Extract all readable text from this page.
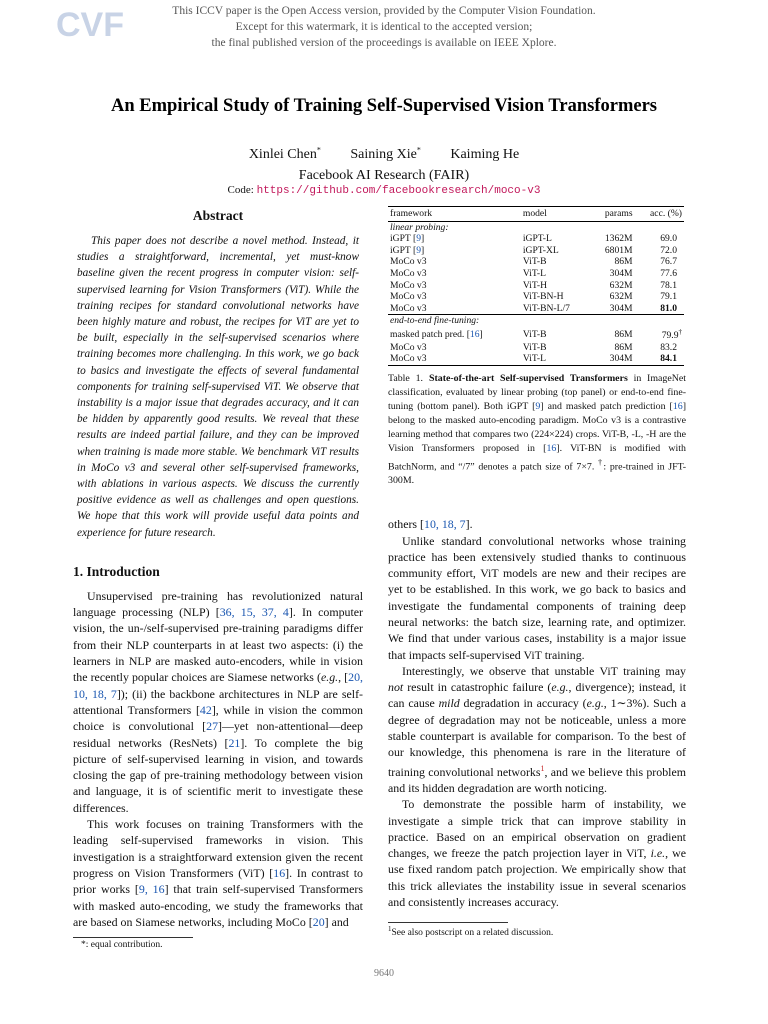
CVF	This ICCV paper is the Open Access version, provided by the Computer Vision Foundation.
Except for this watermark, it is identical to the accepted version;
the final published version of the proceedings is available on IEEE Xplore.
An Empirical Study of Training Self-Supervised Vision Transformers
Xinlei Chen* Saining Xie* Kaiming He
Facebook AI Research (FAIR)
Code: https://github.com/facebookresearch/moco-v3
Abstract

This paper does not describe a novel method. Instead, it studies a straightforward, incremental, yet must-know baseline given the recent progress in computer vision: self-supervised learning for Vision Transformers (ViT). While the training recipes for standard convolutional networks have been highly mature and robust, the recipes for ViT are yet to be built, especially in the self-supervised scenarios where training becomes more challenging. In this work, we go back to basics and investigate the effects of several fundamental components for training self-supervised ViT. We observe that instability is a major issue that degrades accuracy, and it can be hidden by apparently good results. We reveal that these results are indeed partial failure, and they can be improved when training is made more stable. We benchmark ViT results in MoCo v3 and several other self-supervised frameworks, with ablations in various aspects. We discuss the currently positive evidence as well as challenges and open questions. We hope that this work will provide useful data points and experience for future research.

1. Introduction

Unsupervised pre-training has revolutionized natural language processing (NLP) [36, 15, 37, 4]. In computer vision, the un-/self-supervised pre-training paradigms differ from their NLP counterparts in at least two aspects: (i) the learners in NLP are masked auto-encoders, while in vision the recently popular choices are Siamese networks (e.g., [20, 10, 18, 7]); (ii) the backbone architectures in NLP are self-attentional Transformers [42], while in vision the common choice is convolutional [27]—yet non-attentional—deep residual networks (ResNets) [21]. To complete the big picture of self-supervised learning in vision, and towards closing the gap of pre-training methodology between vision and language, it is of scientific merit to investigate these differences.

This work focuses on training Transformers with the leading self-supervised frameworks in vision. This investigation is a straightforward extension given the recent progress on Vision Transformers (ViT) [16]. In contrast to prior works [9, 16] that train self-supervised Transformers with masked auto-encoding, we study the frameworks that are based on Siamese networks, including MoCo [20] and

*: equal contribution.
framework	model	params	acc. (%)
linear probing:			
iGPT [9]	iGPT-L	1362M	69.0
iGPT [9]	iGPT-XL	6801M	72.0
MoCo v3	ViT-B	86M	76.7
MoCo v3	ViT-L	304M	77.6
MoCo v3	ViT-H	632M	78.1
MoCo v3	ViT-BN-H	632M	79.1
MoCo v3	ViT-BN-L/7	304M	81.0
end-to-end fine-tuning:			
masked patch pred. [16]	ViT-B	86M	79.9†
MoCo v3	ViT-B	86M	83.2
MoCo v3	ViT-L	304M	84.1
Table 1. State-of-the-art Self-supervised Transformers in ImageNet classification, evaluated by linear probing (top panel) or end-to-end fine-tuning (bottom panel). Both iGPT [9] and masked patch prediction [16] belong to the masked auto-encoding paradigm. MoCo v3 is a contrastive learning method that compares two (224×224) crops. ViT-B, -L, -H are the Vision Transformers proposed in [16]. ViT-BN is modified with BatchNorm, and “/7” denotes a patch size of 7×7. †: pre-trained in JFT-300M.

others [10, 18, 7].

Unlike standard convolutional networks whose training practice has been extensively studied thanks to continuous community effort, ViT models are new and their recipes are yet to be established. In this work, we go back to basics and investigate the fundamental components of training deep neural networks: the batch size, learning rate, and optimizer. We find that under various cases, instability is a major issue that impacts self-supervised ViT training.

Interestingly, we observe that unstable ViT training may not result in catastrophic failure (e.g., divergence); instead, it can cause mild degradation in accuracy (e.g., 1∼3%). Such a degree of degradation may not be noticeable, unless a more stable counterpart is available for comparison. To the best of our knowledge, this phenomena is rare in the literature of training convolutional networks$^1$, and we believe this problem and its hidden degradation are worth noticing.

To demonstrate the possible harm of instability, we investigate a simple trick that can improve stability in practice. Based on an empirical observation on gradient changes, we freeze the patch projection layer in ViT, i.e., we use fixed random patch projection. We empirically show that this trick alleviates the instability issue in several scenarios and consistently increases accuracy.

$^1$See also postscript on a related discussion.
9640
